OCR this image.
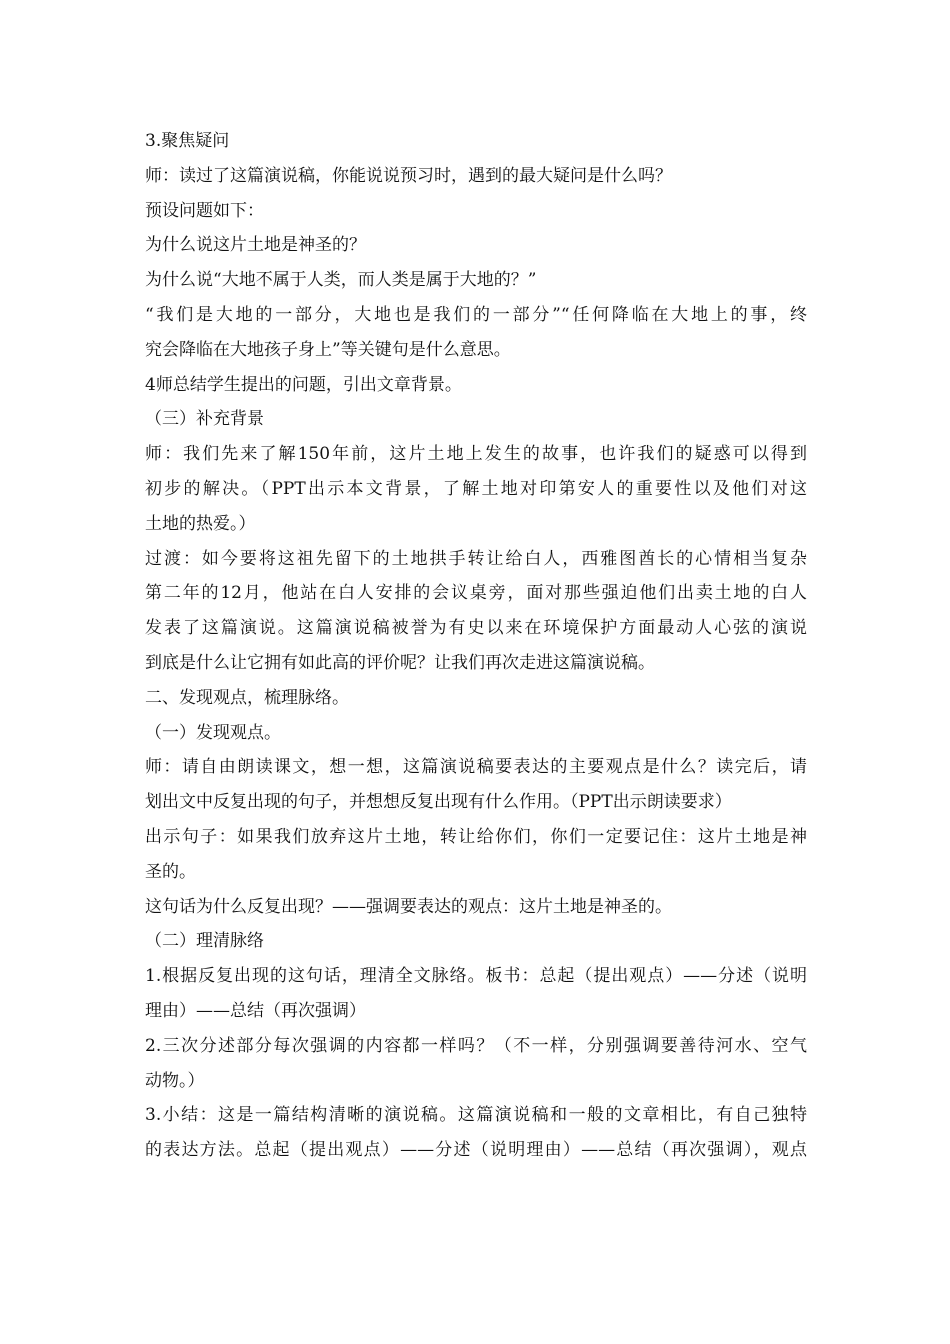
3.聚焦疑问

师：读过了这篇演说稿，你能说说预习时，遇到的最大疑问是什么吗？

预设问题如下：

为什么说这片土地是神圣的？

为什么说“大地不属于人类，而人类是属于大地的？”

“我们是大地的一部分，大地也是我们的一部分”“任何降临在大地上的事，终
究会降临在大地孩子身上”等关键句是什么意思。

4师总结学生提出的问题，引出文章背景。

（三）补充背景

师：我们先来了解150年前，这片土地上发生的故事，也许我们的疑惑可以得到
初步的解决。（PPT出示本文背景，了解土地对印第安人的重要性以及他们对这
土地的热爱。）

过渡：如今要将这祖先留下的土地拱手转让给白人，西雅图酋长的心情相当复杂
第二年的12月，他站在白人安排的会议桌旁，面对那些强迫他们出卖土地的白人
发表了这篇演说。这篇演说稿被誉为有史以来在环境保护方面最动人心弦的演说
到底是什么让它拥有如此高的评价呢？让我们再次走进这篇演说稿。

二、发现观点，梳理脉络。

（一）发现观点。

师：请自由朗读课文，想一想，这篇演说稿要表达的主要观点是什么？读完后，请
划出文中反复出现的句子，并想想反复出现有什么作用。（PPT出示朗读要求）

出示句子：如果我们放弃这片土地，转让给你们，你们一定要记住：这片土地是神
圣的。

这句话为什么反复出现？——强调要表达的观点：这片土地是神圣的。

（二）理清脉络

1.根据反复出现的这句话，理清全文脉络。板书：总起（提出观点）——分述（说明
理由）——总结（再次强调）

2.三次分述部分每次强调的内容都一样吗？（不一样，分别强调要善待河水、空气
动物。）

3.小结：这是一篇结构清晰的演说稿。这篇演说稿和一般的文章相比，有自己独特
的表达方法。总起（提出观点）——分述（说明理由）——总结（再次强调），观点
